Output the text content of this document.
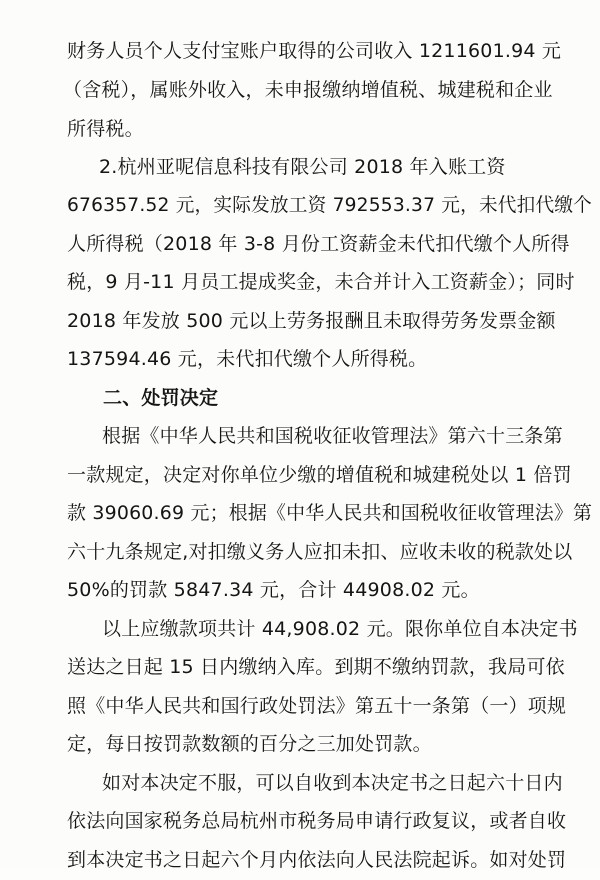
财务人员个人支付宝账户取得的公司收入 1211601.94 元
（含税），属账外收入，未申报缴纳增值税、城建税和企业
所得税。
2.杭州亚呢信息科技有限公司 2018 年入账工资
676357.52 元，实际发放工资 792553.37 元，未代扣代缴个
人所得税（2018 年 3-8 月份工资薪金未代扣代缴个人所得
税，9 月-11 月员工提成奖金，未合并计入工资薪金）；同时
2018 年发放 500 元以上劳务报酬且未取得劳务发票金额
137594.46 元，未代扣代缴个人所得税。
二、处罚决定
根据《中华人民共和国税收征收管理法》第六十三条第
一款规定，决定对你单位少缴的增值税和城建税处以 1 倍罚
款 39060.69 元；根据《中华人民共和国税收征收管理法》第
六十九条规定,对扣缴义务人应扣未扣、应收未收的税款处以
50%的罚款 5847.34 元，合计 44908.02 元。
以上应缴款项共计 44,908.02 元。限你单位自本决定书
送达之日起 15 日内缴纳入库。到期不缴纳罚款，我局可依
照《中华人民共和国行政处罚法》第五十一条第（一）项规
定，每日按罚款数额的百分之三加处罚款。
如对本决定不服，可以自收到本决定书之日起六十日内
依法向国家税务总局杭州市税务局申请行政复议，或者自收
到本决定书之日起六个月内依法向人民法院起诉。如对处罚
